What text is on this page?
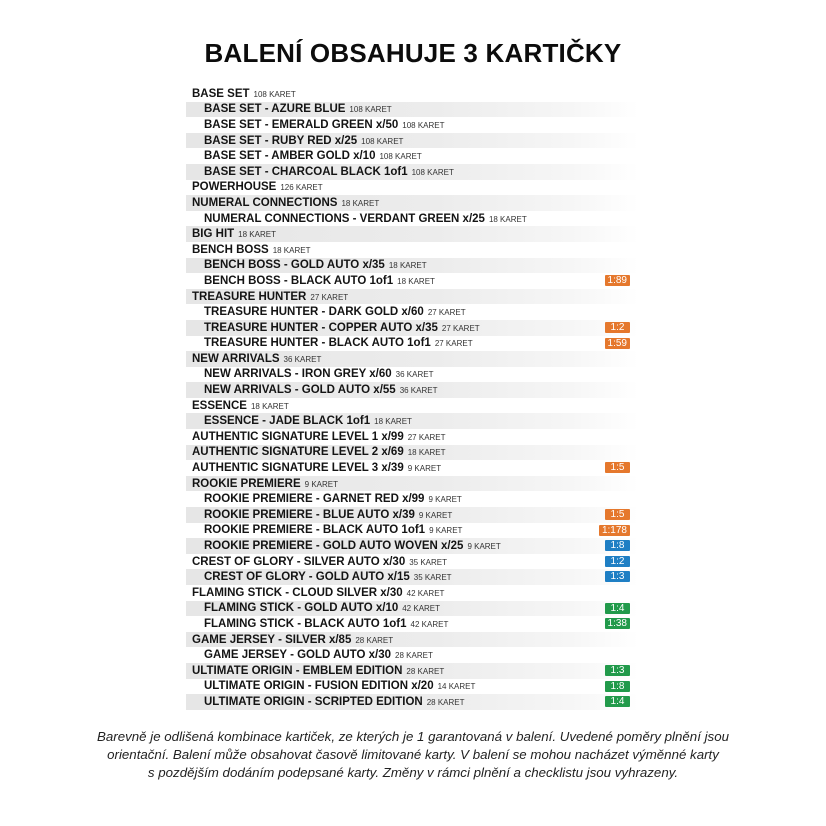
BALENÍ OBSAHUJE 3 KARTIČKY
BASE SET 108 KARET
BASE SET - AZURE BLUE 108 KARET
BASE SET - EMERALD GREEN x/50 108 KARET
BASE SET - RUBY RED x/25 108 KARET
BASE SET - AMBER GOLD x/10 108 KARET
BASE SET - CHARCOAL BLACK 1of1 108 KARET
POWERHOUSE 126 KARET
NUMERAL CONNECTIONS 18 KARET
NUMERAL CONNECTIONS - VERDANT GREEN x/25 18 KARET
BIG HIT 18 KARET
BENCH BOSS 18 KARET
BENCH BOSS - GOLD AUTO x/35 18 KARET
BENCH BOSS - BLACK AUTO 1of1 18 KARET	1:89
TREASURE HUNTER 27 KARET
TREASURE HUNTER - DARK GOLD x/60 27 KARET
TREASURE HUNTER - COPPER AUTO x/35 27 KARET	1:2
TREASURE HUNTER - BLACK AUTO 1of1 27 KARET	1:59
NEW ARRIVALS 36 KARET
NEW ARRIVALS - IRON GREY x/60 36 KARET
NEW ARRIVALS - GOLD AUTO x/55 36 KARET
ESSENCE 18 KARET
ESSENCE - JADE BLACK 1of1 18 KARET
AUTHENTIC SIGNATURE LEVEL 1 x/99 27 KARET
AUTHENTIC SIGNATURE LEVEL 2 x/69 18 KARET
AUTHENTIC SIGNATURE LEVEL 3 x/39 9 KARET	1:5
ROOKIE PREMIERE 9 KARET
ROOKIE PREMIERE - GARNET RED x/99 9 KARET
ROOKIE PREMIERE - BLUE AUTO x/39 9 KARET	1:5
ROOKIE PREMIERE - BLACK AUTO 1of1 9 KARET	1:178
ROOKIE PREMIERE - GOLD AUTO WOVEN x/25 9 KARET	1:8
CREST OF GLORY - SILVER AUTO x/30 35 KARET	1:2
CREST OF GLORY - GOLD AUTO x/15 35 KARET	1:3
FLAMING STICK - CLOUD SILVER x/30 42 KARET
FLAMING STICK - GOLD AUTO x/10 42 KARET	1:4
FLAMING STICK - BLACK AUTO 1of1 42 KARET	1:38
GAME JERSEY - SILVER x/85 28 KARET
GAME JERSEY - GOLD AUTO x/30 28 KARET
ULTIMATE ORIGIN - EMBLEM EDITION 28 KARET	1:3
ULTIMATE ORIGIN - FUSION EDITION x/20 14 KARET	1:8
ULTIMATE ORIGIN - SCRIPTED EDITION 28 KARET	1:4
Barevně je odlišená kombinace kartiček, ze kterých je 1 garantovaná v balení. Uvedené poměry plnění jsou
orientační. Balení může obsahovat časově limitované karty. V balení se mohou nacházet výměnné karty
s pozdějším dodáním podepsané karty. Změny v rámci plnění a checklistu jsou vyhrazeny.
